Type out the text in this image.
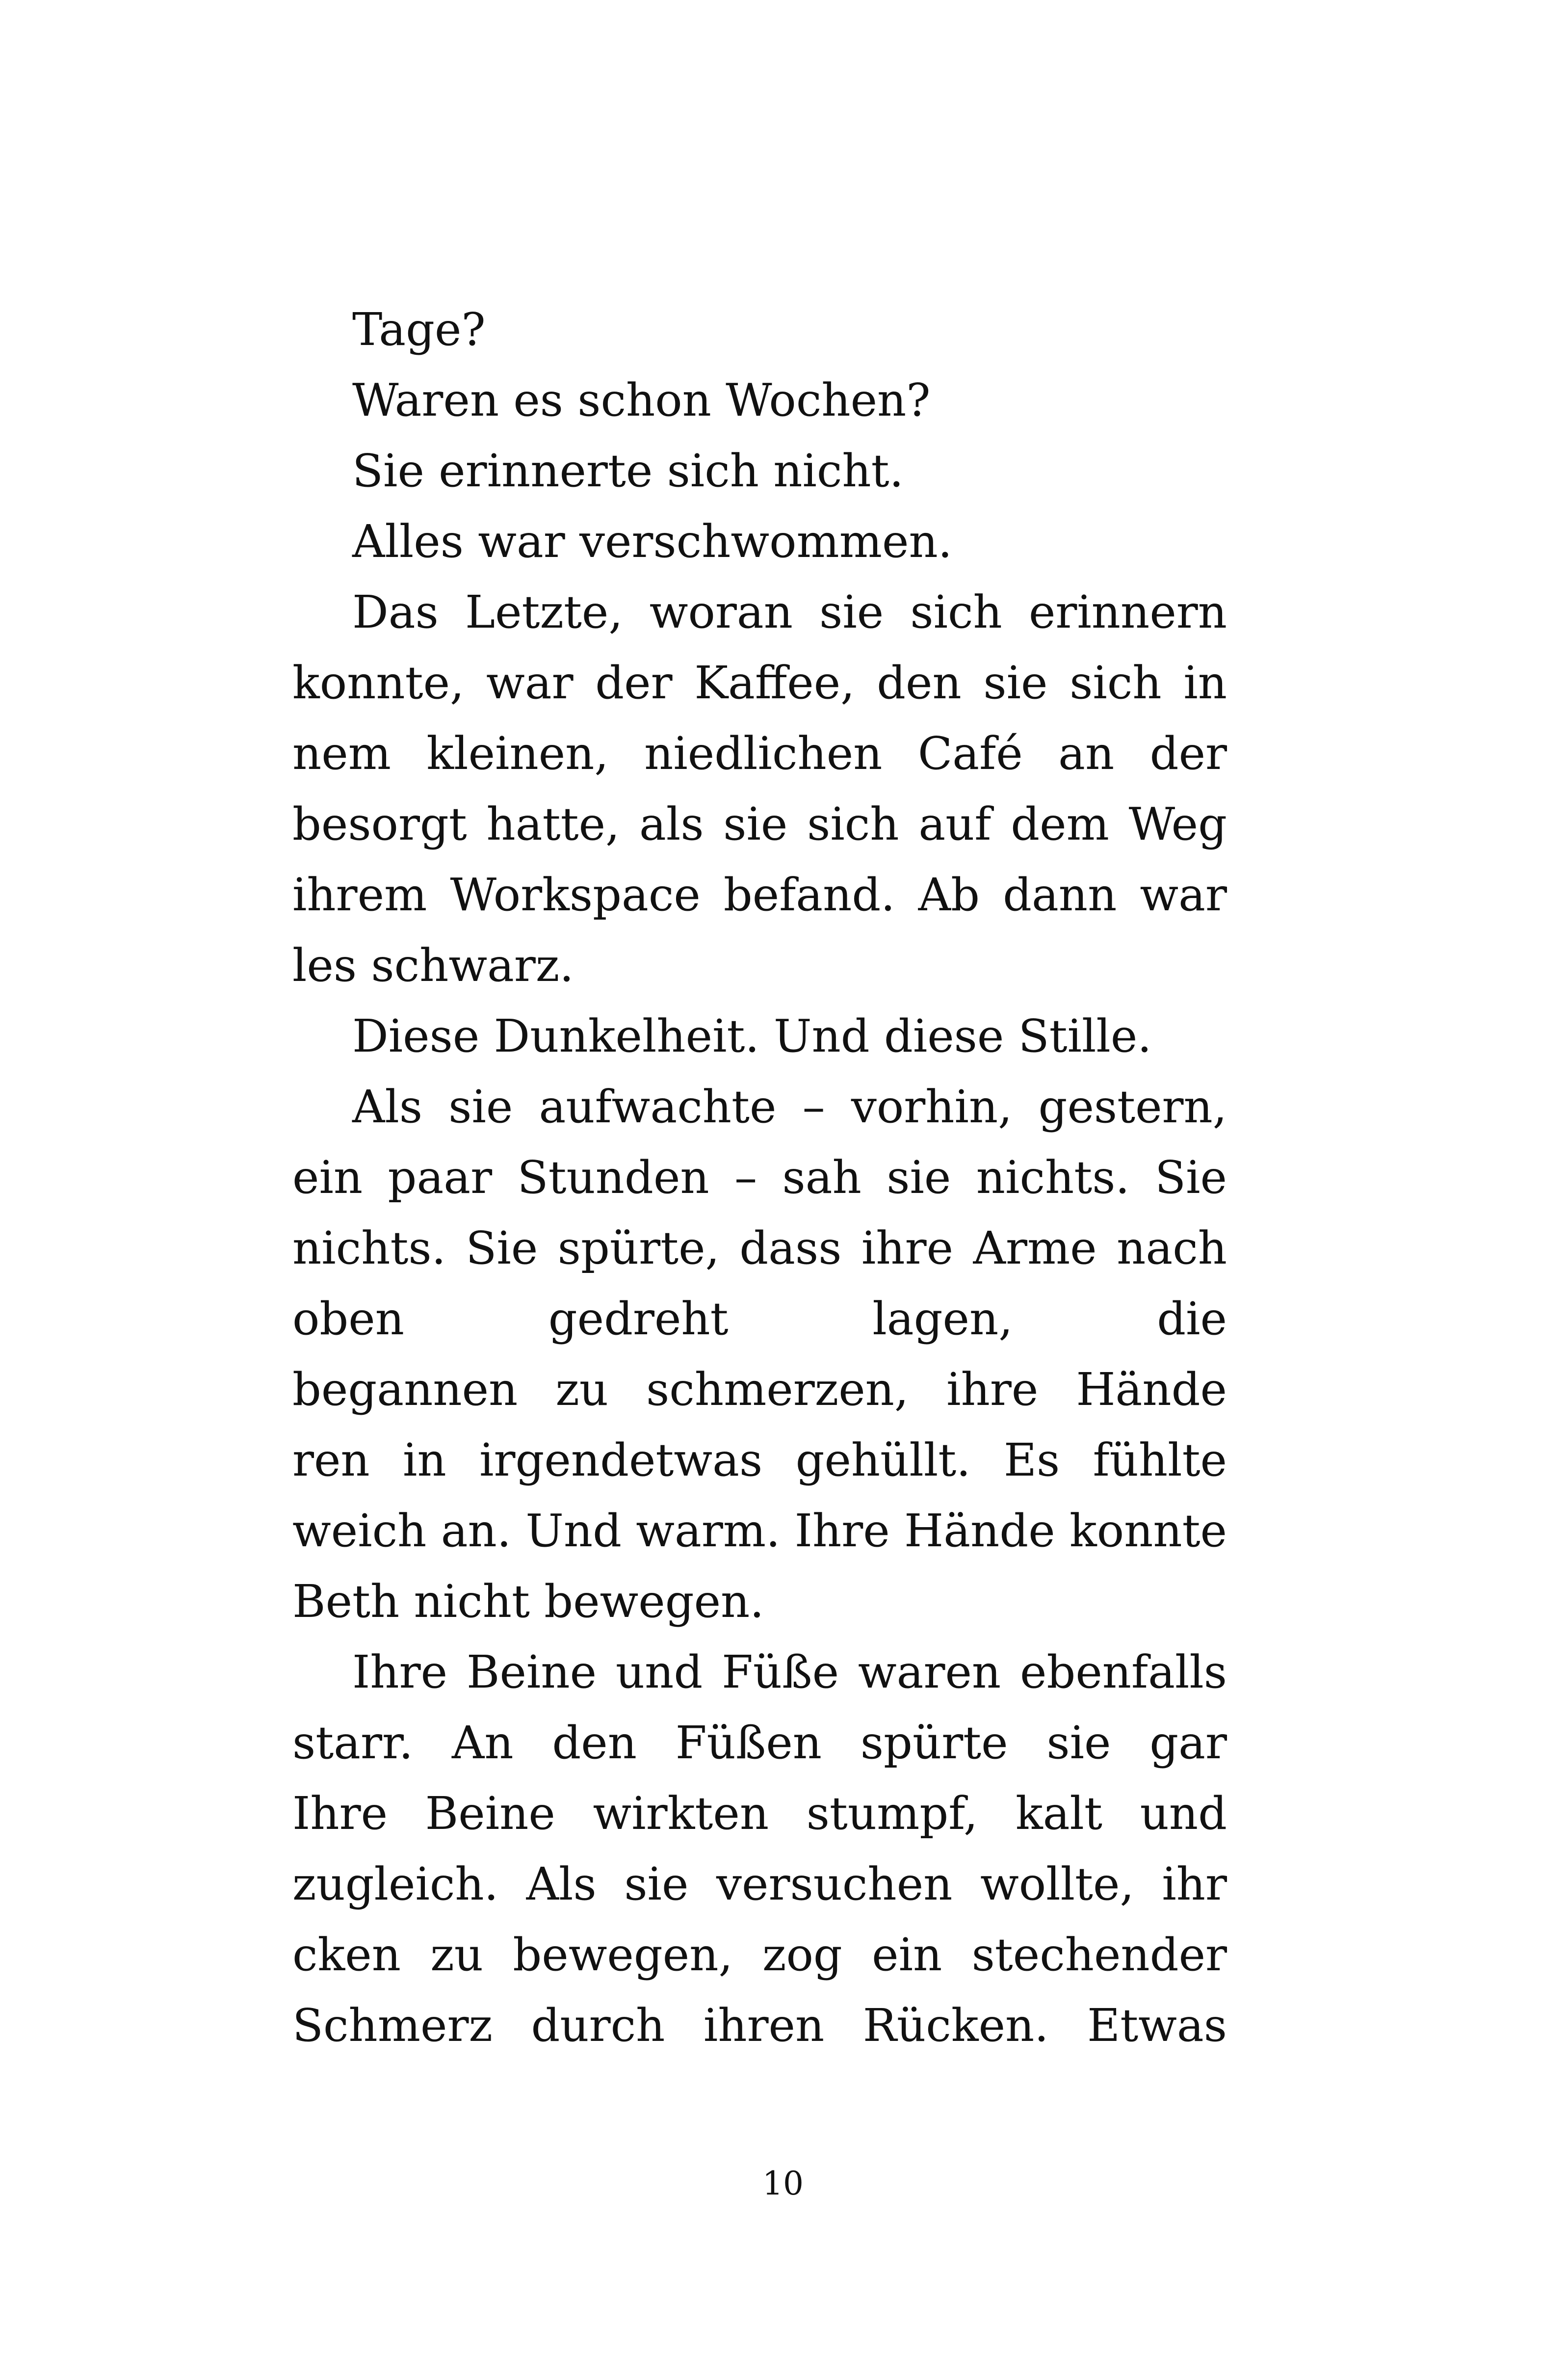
Tage?
Waren es schon Wochen?
Sie erinnerte sich nicht.
Alles war verschwommen.
Das Letzte, woran sie sich erinnern
konnte, war der Kaffee, den sie sich in
nem kleinen, niedlichen Café an der
besorgt hatte, als sie sich auf dem Weg
ihrem Workspace befand. Ab dann war
les schwarz.
Diese Dunkelheit. Und diese Stille.
Als sie aufwachte – vorhin, gestern,
ein paar Stunden – sah sie nichts. Sie
nichts. Sie spürte, dass ihre Arme nach
oben gedreht lagen, die
begannen zu schmerzen, ihre Hände
ren in irgendetwas gehüllt. Es fühlte
weich an. Und warm. Ihre Hände konnte
Beth nicht bewegen.
Ihre Beine und Füße waren ebenfalls
starr. An den Füßen spürte sie gar
Ihre Beine wirkten stumpf, kalt und
zugleich. Als sie versuchen wollte, ihr
cken zu bewegen, zog ein stechender
Schmerz durch ihren Rücken. Etwas
10
